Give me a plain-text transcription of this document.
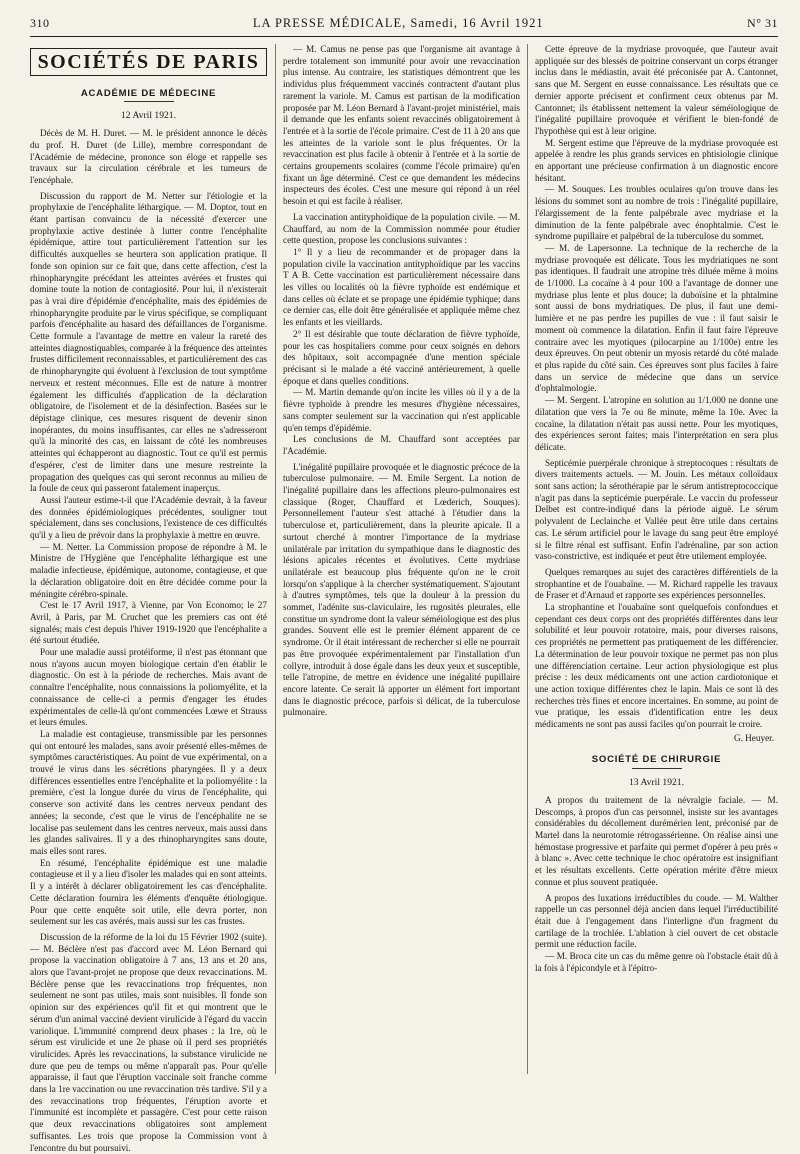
310	LA PRESSE MÉDICALE, Samedi, 16 Avril 1921	N° 31
SOCIÉTÉS DE PARIS
ACADÉMIE DE MÉDECINE
12 Avril 1921.

Décès de M. H. Duret. — M. le président annonce le décès du prof. H. Duret (de Lille), membre correspondant de l'Académie de médecine, prononce son éloge et rappelle ses travaux sur la circulation cérébrale et les tumeurs de l'encéphale.

Discussion du rapport de M. Netter sur l'étiologie et la prophylaxie de l'encéphalite léthargique. — M. Doptor, tout en étant partisan convaincu de la nécessité d'exercer une prophylaxie active destinée à lutter contre l'encéphalite épidémique, attire tout particulièrement l'attention sur les difficultés auxquelles se heurtera son application pratique. Il fonde son opinion sur ce fait que, dans cette affection, c'est la rhinopharyngite précédant les atteintes avérées et frustes qui domine toute la notion de contagiosité. Pour lui, il n'existerait pas à vrai dire d'épidémie d'encéphalite, mais des épidémies de rhinopharyngite produite par le virus spécifique, se compliquant parfois d'encéphalite au hasard des défaillances de l'organisme. Cette formule a l'avantage de mettre en valeur la rareté des atteintes diagnostiquables, comparée à la fréquence des atteintes frustes difficilement reconnaissables, et particulièrement des cas de rhinopharyngite qui évoluent à l'exclusion de tout symptôme nerveux et restent méconnues. Elle est de nature à montrer également les difficultés d'application de la déclaration obligatoire, de l'isolement et de la désinfection. Basées sur le dépistage clinique, ces mesures risquent de devenir sinon inopérantes, du moins insuffisantes, car elles ne s'adresseront qu'à la minorité des cas, en laissant de côté les nombreuses atteintes qui échapperont au diagnostic. Tout ce qu'il est permis d'espérer, c'est de limiter dans une mesure restreinte la propagation des quelques cas qui seront reconnus au milieu de la foule de ceux qui passeront fatalement inaperçus.

Aussi l'auteur estime-t-il que l'Académie devrait, à la faveur des données épidémiologiques précédentes, souligner tout spécialement, dans ses conclusions, l'existence de ces difficultés qu'il y a lieu de prévoir dans la prophylaxie à mettre en œuvre.

— M. Netter. La Commission propose de répondre à M. le Ministre de l'Hygiène que l'encéphalite léthargique est une maladie infectieuse, épidémique, autonome, contagieuse, et que la déclaration obligatoire doit en être décidée comme pour la méningite cérébro-spinale.

C'est le 17 Avril 1917, à Vienne, par Von Economo; le 27 Avril, à Paris, par M. Cruchet que les premiers cas ont été signalés; mais c'est depuis l'hiver 1919-1920 que l'encéphalite a été surtout étudiée.

Pour une maladie aussi protéiforme, il n'est pas étonnant que nous n'ayons aucun moyen biologique certain d'en établir le diagnostic. On est à la période de recherches. Mais avant de connaître l'encéphalite, nous connaissions la poliomyélite, et la connaissance de celle-ci a permis d'engager les études expérimentales de celle-là qu'ont commencées Lœwe et Strauss et leurs émules.

La maladie est contagieuse, transmissible par les personnes qui ont entouré les malades, sans avoir présenté elles-mêmes de symptômes caractéristiques. Au point de vue expérimental, on a trouvé le virus dans les sécrétions pharyngées. Il y a deux différences essentielles entre l'encéphalite et la poliomyélite : la première, c'est la longue durée du virus de l'encéphalite, qui conserve son activité dans les centres nerveux pendant des années; la seconde, c'est que le virus de l'encéphalite ne se localise pas seulement dans les centres nerveux, mais aussi dans les glandes salivaires. Il y a des rhinopharyngites sans doute, mais elles sont rares.

En résumé, l'encéphalite épidémique est une maladie contagieuse et il y a lieu d'isoler les malades qui en sont atteints. Il y a intérêt à déclarer obligatoirement les cas d'encéphalite. Cette déclaration fournira les éléments d'enquête étiologique. Pour que cette enquête soit utile, elle devra porter, non seulement sur les cas avérés, mais aussi sur les cas frustes.

Discussion de la réforme de la loi du 15 Février 1902 (suite). — M. Béclère n'est pas d'accord avec M. Léon Bernard qui propose la vaccination obligatoire à 7 ans, 13 ans et 20 ans, alors que l'avant-projet ne propose que deux revaccinations. M. Béclère pense que les revaccinations trop fréquentes, non seulement ne sont pas utiles, mais sont nuisibles. Il fonde son opinion sur des expériences qu'il fit et qui montrent que le sérum d'un animal vacciné devient virulicide à l'égard du vaccin variolique. L'immunité comprend deux phases : la 1re, où le sérum est virulicide et une 2e phase où il perd ses propriétés virulicides. Après les revaccinations, la substance virulicide ne dure que peu de temps ou même n'apparaît pas. Pour qu'elle apparaisse, il faut que l'éruption vaccinale soit franche comme dans la 1re vaccination ou une revaccination très tardive. S'il y a des revaccinations trop fréquentes, l'éruption avorte et l'immunité est incomplète et passagère. C'est pour cette raison que deux revaccinations obligatoires sont amplement suffisantes. Les trois que propose la Commission vont à l'encontre du but poursuivi.

— M. Camus ne pense pas que l'organisme ait avantage à perdre totalement son immunité pour avoir une revaccination plus intense. Au contraire, les statistiques démontrent que les individus plus fréquemment vaccinés contractent d'autant plus rarement la variole. M. Camus est partisan de la modification proposée par M. Léon Bernard à l'avant-projet ministériel, mais il demande que les enfants soient revaccinés obligatoirement à l'entrée et à la sortie de l'école primaire. C'est de 11 à 20 ans que les atteintes de la variole sont le plus fréquentes. Or la revaccination est plus facile à obtenir à l'entrée et à la sortie de certains groupements scolaires (comme l'école primaire) qu'en fixant un âge déterminé. C'est ce que demandent les médecins inspecteurs des écoles. C'est une mesure qui répond à un réel besoin et qui est facile à réaliser.

La vaccination antityphoïdique de la population civile. — M. Chauffard, au nom de la Commission nommée pour étudier cette question, propose les conclusions suivantes :

1° Il y a lieu de recommander et de propager dans la population civile la vaccination antityphoïdique par les vaccins T A B. Cette vaccination est particulièrement nécessaire dans les villes ou localités où la fièvre typhoïde est endémique et dans celles où éclate et se propage une épidémie typhique; dans ce dernier cas, elle doit être généralisée et appliquée même chez les enfants et les vieillards.

2° Il est désirable que toute déclaration de fièvre typhoïde, pour les cas hospitaliers comme pour ceux soignés en dehors des hôpitaux, soit accompagnée d'une mention spéciale précisant si le malade a été vacciné antérieurement, à quelle époque et dans quelles conditions.

— M. Martin demande qu'on incite les villes où il y a de la fièvre typhoïde à prendre les mesures d'hygiène nécessaires, sans compter seulement sur la vaccination qui n'est applicable qu'en temps d'épidémie.

Les conclusions de M. Chauffard sont acceptées par l'Académie.

L'inégalité pupillaire provoquée et le diagnostic précoce de la tuberculose pulmonaire. — M. Emile Sergent. La notion de l'inégalité pupillaire dans les affections pleuro-pulmonaires est classique (Roger, Chauffard et Lœderich, Souques). Personnellement l'auteur s'est attaché à l'étudier dans la tuberculose et, particulièrement, dans la pleurite apicale. Il a surtout cherché à montrer l'importance de la mydriase unilatérale par irritation du sympathique dans le diagnostic des lésions apicales récentes et évolutives. Cette mydriase unilatérale est beaucoup plus fréquente qu'on ne le croit lorsqu'on s'applique à la chercher systématiquement. S'ajoutant à d'autres symptômes, tels que la douleur à la pression du sommet, l'adénite sus-claviculaire, les rugosités pleurales, elle constitue un syndrome dont la valeur séméiologique est des plus grandes. Souvent elle est le premier élément apparent de ce syndrome. Or il était intéressant de rechercher si elle ne pourrait pas être provoquée expérimentalement par l'installation d'un collyre, introduit à dose égale dans les deux yeux et susceptible, telle l'atropine, de mettre en évidence une inégalité pupillaire encore latente. Ce serait là apporter un élément fort important dans le diagnostic précoce, parfois si délicat, de la tuberculose pulmonaire.

Cette épreuve de la mydriase provoquée, que l'auteur avait appliquée sur des blessés de poitrine conservant un corps étranger inclus dans le médiastin, avait été préconisée par A. Cantonnet, sans que M. Sergent en eusse connaissance. Les résultats que ce dernier apporte précisent et confirment ceux obtenus par M. Cantonnet; ils établissent nettement la valeur séméiologique de l'inégalité pupillaire provoquée et vérifient le bien-fondé de l'hypothèse qui est à leur origine.

M. Sergent estime que l'épreuve de la mydriase provoquée est appelée à rendre les plus grands services en phtisiologie clinique en apportant une précieuse confirmation à un diagnostic encore hésitant.

— M. Souques. Les troubles oculaires qu'on trouve dans les lésions du sommet sont au nombre de trois : l'inégalité pupillaire, l'élargissement de la fente palpébrale avec mydriase et la diminution de la fente palpébrale avec énophtalmie. C'est le syndrome pupillaire et palpébral de la tuberculose du sommet.

— M. de Lapersonne. La technique de la recherche de la mydriase provoquée est délicate. Tous les mydriatiques ne sont pas identiques. Il faudrait une atropine très diluée même à moins de 1/1000. La cocaïne à 4 pour 100 a l'avantage de donner une mydriase plus lente et plus douce; la duboïsine et la phtalmine sont aussi de bons mydriatiques. De plus, il faut une demi-lumière et ne pas perdre les pupilles de vue : il faut saisir le moment où commence la dilatation. Enfin il faut faire l'épreuve contraire avec les myotiques (pilocarpine au 1/100e) entre les deux épreuves. On peut obtenir un myosis retardé du côté malade et plus rapide du côté sain. Ces épreuves sont plus faciles à faire dans un service de médecine que dans un service d'ophtalmologie.

— M. Sergent. L'atropine en solution au 1/1.000 ne donne une dilatation que vers la 7e ou 8e minute, même la 10e. Avec la cocaïne, la dilatation n'était pas aussi nette. Pour les myotiques, des expériences seront faites; mais l'interprétation en sera plus délicate.

Septicémie puerpérale chronique à streptocoques : résultats de divers traitements actuels. — M. Jouin. Les métaux colloïdaux sont sans action; la sérothérapie par le sérum antistreptococcique n'agit pas dans la septicémie puerpérale. Le vaccin du professeur Delbet est contre-indiqué dans la période aiguë. Le sérum polyvalent de Leclainche et Vallée peut être utile dans certains cas. Le sérum artificiel pour le lavage du sang peut être employé si le filtre rénal est suffisant. Enfin l'adrénaline, par son action vaso-constrictive, est indiquée et peut être utilement employée.

Quelques remarques au sujet des caractères différentiels de la strophantine et de l'ouabaïne. — M. Richard rappelle les travaux de Fraser et d'Arnaud et rapporte ses expériences personnelles.

La strophantine et l'ouabaïne sont quelquefois confondues et cependant ces deux corps ont des propriétés différentes dans leur solubilité et leur pouvoir rotatoire, mais, pour diverses raisons, ces propriétés ne permettent pas pratiquement de les différencier. La détermination de leur pouvoir toxique ne permet pas non plus une différenciation certaine. Leur action physiologique est plus précise : les deux médicaments ont une action cardiotonique et une action toxique différentes chez le lapin. Mais ce sont là des recherches très fines et encore incertaines. En somme, au point de vue pratique, les essais d'identification entre les deux médicaments ne sont pas aussi faciles qu'on pourrait le croire.

G. Heuyer.
SOCIÉTÉ DE CHIRURGIE
13 Avril 1921.

A propos du traitement de la névralgie faciale. — M. Descomps, à propos d'un cas personnel, insiste sur les avantages considérables du décollement durémérien lent, préconisé par de Martel dans la neurotomie rétrogassérienne. On réalise ainsi une hémostase progressive et parfaite qui permet d'opérer à peu près « à blanc ». Avec cette technique le choc opératoire est insignifiant et les résultats excellents. Cette opération mérite d'être mieux connue et plus souvent pratiquée.

A propos des luxations irréductibles du coude. — M. Walther rappelle un cas personnel déjà ancien dans lequel l'irréductibilité était due à l'engagement dans l'interligne d'un fragment du cartilage de la trochlée. L'ablation à ciel ouvert de cet obstacle permit une réduction facile.

— M. Broca cite un cas du même genre où l'obstacle était dû à la fois à l'épicondyle et à l'épitro-
